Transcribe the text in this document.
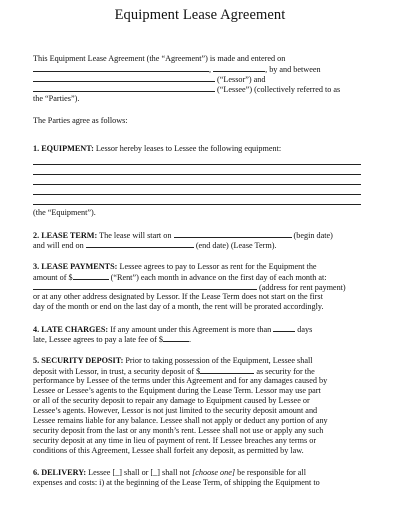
Equipment Lease Agreement
This Equipment Lease Agreement (the “Agreement”) is made and entered on
,	, by and between
(“Lessor”) and
(“Lessee”) (collectively referred to as
the “Parties”).
The Parties agree as follows:
1. EQUIPMENT: Lessor hereby leases to Lessee the following equipment:
(the “Equipment”).
2. LEASE TERM: The lease will start on	(begin date)
and will end on	(end date) (Lease Term).
3. LEASE PAYMENTS: Lessee agrees to pay to Lessor as rent for the Equipment the
amount of $	(“Rent”) each month in advance on the first day of each month at:
(address for rent payment)
or at any other address designated by Lessor. If the Lease Term does not start on the first
day of the month or end on the last day of a month, the rent will be prorated accordingly.
4. LATE CHARGES: If any amount under this Agreement is more than	days
late, Lessee agrees to pay a late fee of $	.
5. SECURITY DEPOSIT: Prior to taking possession of the Equipment, Lessee shall
deposit with Lessor, in trust, a security deposit of $	as security for the
performance by Lessee of the terms under this Agreement and for any damages caused by
Lessee or Lessee’s agents to the Equipment during the Lease Term. Lessor may use part
or all of the security deposit to repair any damage to Equipment caused by Lessee or
Lessee’s agents. However, Lessor is not just limited to the security deposit amount and
Lessee remains liable for any balance. Lessee shall not apply or deduct any portion of any
security deposit from the last or any month’s rent. Lessee shall not use or apply any such
security deposit at any time in lieu of payment of rent. If Lessee breaches any terms or
conditions of this Agreement, Lessee shall forfeit any deposit, as permitted by law.
6. DELIVERY: Lessee [_] shall or [_] shall not [choose one] be responsible for all
expenses and costs: i) at the beginning of the Lease Term, of shipping the Equipment to
